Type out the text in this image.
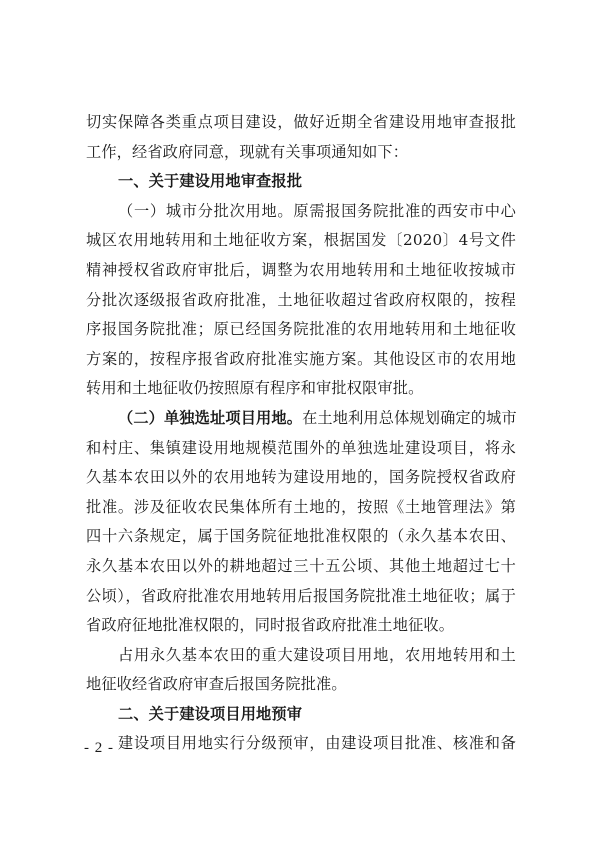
切实保障各类重点项目建设，做好近期全省建设用地审查报批
工作，经省政府同意，现就有关事项通知如下：
一、关于建设用地审查报批
（一）城市分批次用地。原需报国务院批准的西安市中心
城区农用地转用和土地征收方案，根据国发〔2020〕4号文件
精神授权省政府审批后，调整为农用地转用和土地征收按城市
分批次逐级报省政府批准，土地征收超过省政府权限的，按程
序报国务院批准；原已经国务院批准的农用地转用和土地征收
方案的，按程序报省政府批准实施方案。其他设区市的农用地
转用和土地征收仍按照原有程序和审批权限审批。
（二）单独选址项目用地。在土地利用总体规划确定的城市
和村庄、集镇建设用地规模范围外的单独选址建设项目，将永
久基本农田以外的农用地转为建设用地的，国务院授权省政府
批准。涉及征收农民集体所有土地的，按照《土地管理法》第
四十六条规定，属于国务院征地批准权限的（永久基本农田、
永久基本农田以外的耕地超过三十五公顷、其他土地超过七十
公顷），省政府批准农用地转用后报国务院批准土地征收；属于
省政府征地批准权限的，同时报省政府批准土地征收。
占用永久基本农田的重大建设项目用地，农用地转用和土
地征收经省政府审查后报国务院批准。
二、关于建设项目用地预审
建设项目用地实行分级预审，由建设项目批准、核准和备
- 2 -
